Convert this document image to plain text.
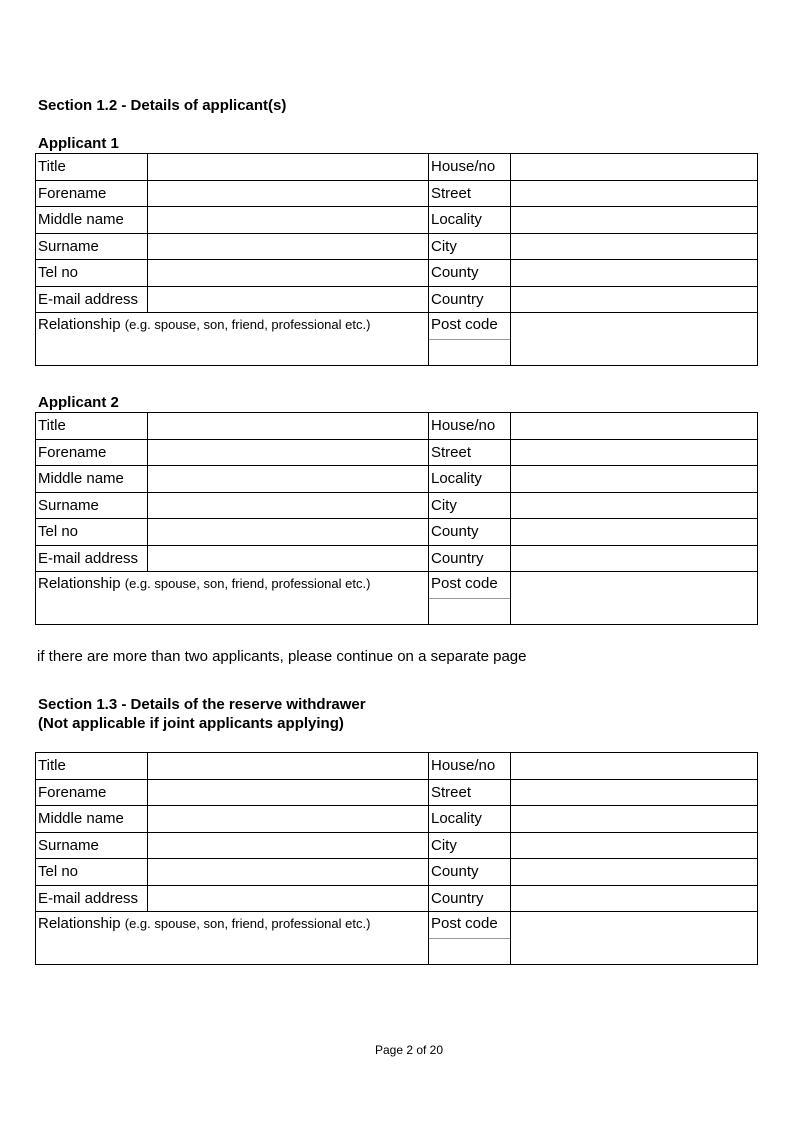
Section 1.2 - Details of applicant(s)
Applicant 1
Title		House/no	
Forename		Street	
Middle name		Locality	
Surname		City	
Tel no		County	
E-mail address		Country	
Relationship (e.g. spouse, son, friend, professional etc.)		Post code	

Applicant 2
Title		House/no	
Forename		Street	
Middle name		Locality	
Surname		City	
Tel no		County	
E-mail address		Country	
Relationship (e.g. spouse, son, friend, professional etc.)		Post code	

if there are more than two applicants, please continue on a separate page
Section 1.3 - Details of the reserve withdrawer
(Not applicable if joint applicants applying)
Title		House/no	
Forename		Street	
Middle name		Locality	
Surname		City	
Tel no		County	
E-mail address		Country	
Relationship (e.g. spouse, son, friend, professional etc.)		Post code	

Page 2 of 20
